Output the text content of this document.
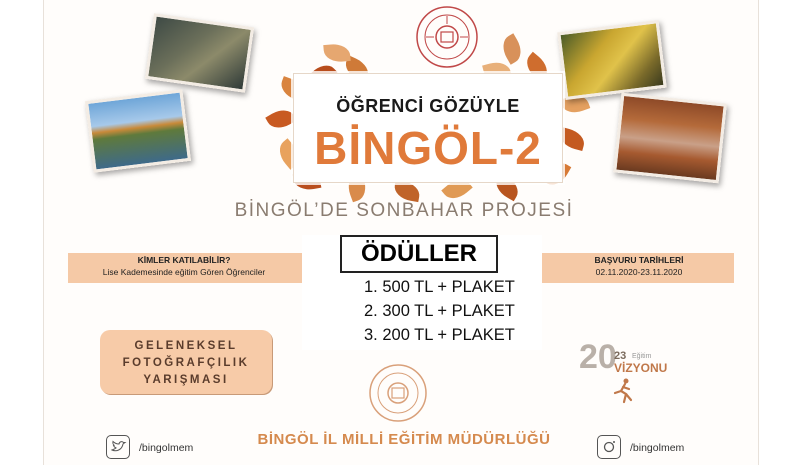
ÖĞRENCİ GÖZÜYLE
BİNGÖL-2
BİNGÖL’DE SONBAHAR PROJESİ
KİMLER KATILABİLİR?
Lise Kademesinde eğitim Gören Öğrenciler
BAŞVURU TARİHLERİ
02.11.2020-23.11.2020
ÖDÜLLER
1. 500 TL + PLAKET
2. 300 TL + PLAKET
3. 200 TL + PLAKET
GELENEKSEL
FOTOĞRAFÇILIK
YARIŞMASI
20
23 Eğitim
VİZYONU
BİNGÖL İL MİLLİ EĞİTİM MÜDÜRLÜĞÜ
/bingolmem	/bingolmem
